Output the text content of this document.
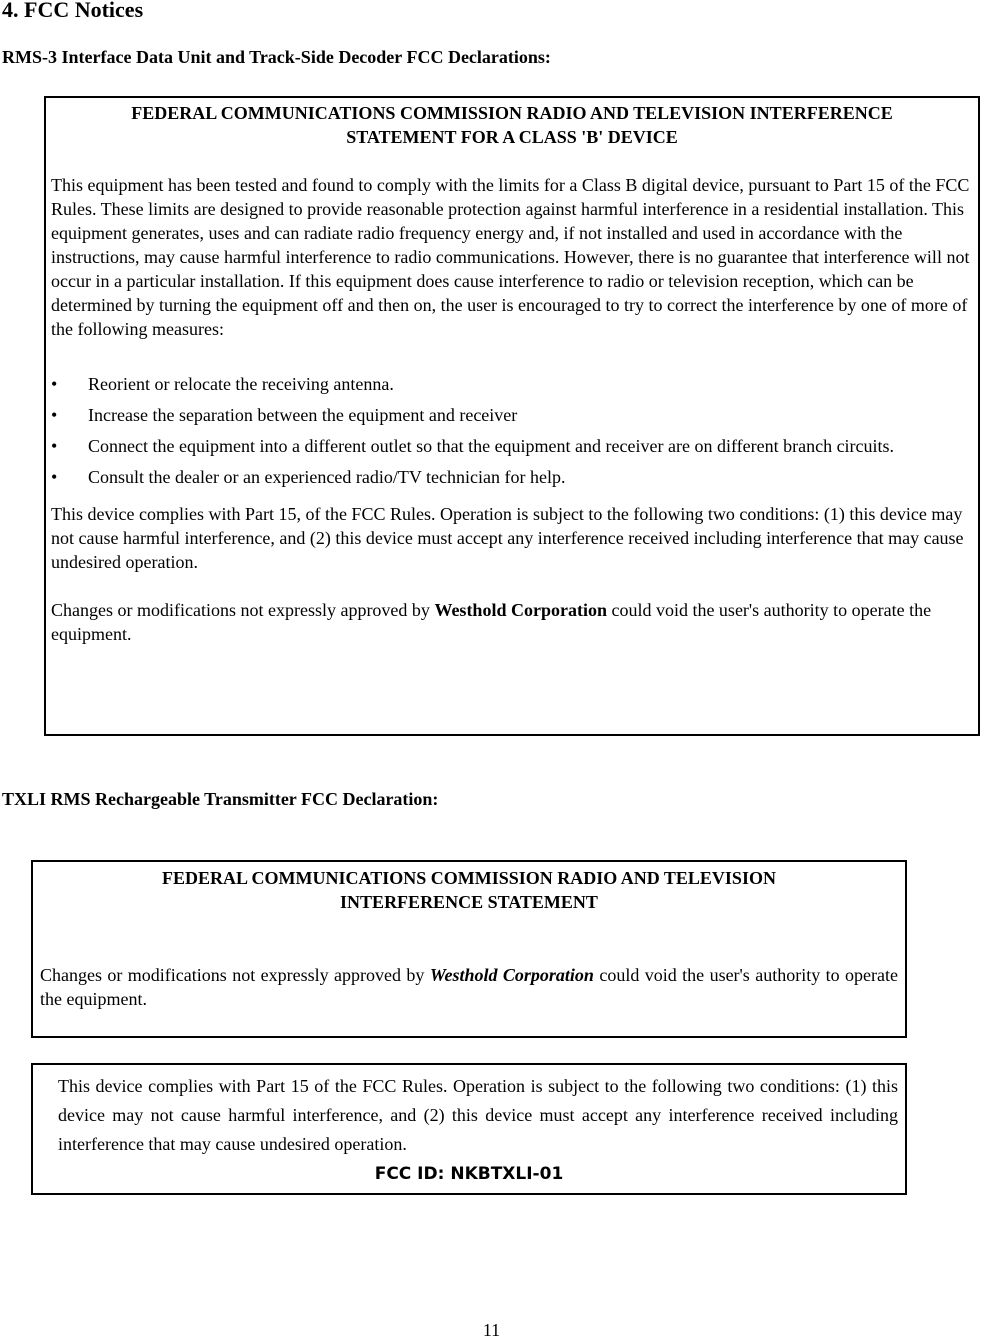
4. FCC Notices
RMS-3 Interface Data Unit and Track-Side Decoder FCC Declarations:
FEDERAL COMMUNICATIONS COMMISSION RADIO AND TELEVISION INTERFERENCE
STATEMENT FOR A CLASS 'B' DEVICE

This equipment has been tested and found to comply with the limits for a Class B digital device, pursuant to Part 15 of the FCC Rules. These limits are designed to provide reasonable protection against harmful interference in a residential installation. This equipment generates, uses and can radiate radio frequency energy and, if not installed and used in accordance with the instructions, may cause harmful interference to radio communications. However, there is no guarantee that interference will not occur in a particular installation. If this equipment does cause interference to radio or television reception, which can be determined by turning the equipment off and then on, the user is encouraged to try to correct the interference by one of more of the following measures:

• Reorient or relocate the receiving antenna.
• Increase the separation between the equipment and receiver
• Connect the equipment into a different outlet so that the equipment and receiver are on different branch circuits.
• Consult the dealer or an experienced radio/TV technician for help.

This device complies with Part 15, of the FCC Rules. Operation is subject to the following two conditions: (1) this device may not cause harmful interference, and (2) this device must accept any interference received including interference that may cause undesired operation.

Changes or modifications not expressly approved by Westhold Corporation could void the user's authority to operate the equipment.

TXLI RMS Rechargeable Transmitter FCC Declaration:
FEDERAL COMMUNICATIONS COMMISSION RADIO AND TELEVISION
INTERFERENCE STATEMENT

Changes or modifications not expressly approved by Westhold Corporation could void the user's authority to operate the equipment.

This device complies with Part 15 of the FCC Rules. Operation is subject to the following two conditions: (1) this device may not cause harmful interference, and (2) this device must accept any interference received including interference that may cause undesired operation.

FCC ID: NKBTXLI-01
11
